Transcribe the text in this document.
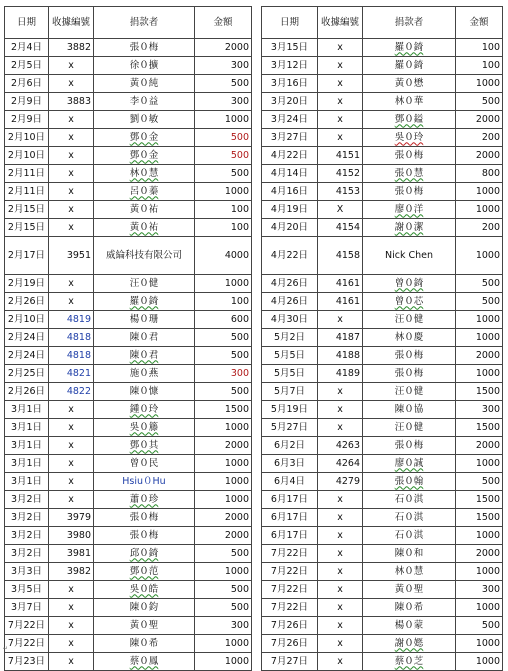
日期	收據編號	捐款者	金額
2月4日	3882	張０梅	2000
2月5日	x	徐０擴	300
2月6日	x	黃０純	500
2月9日	3883	李０益	300
2月9日	x	劉０敏	1000
2月10日	x	鄧０金	500
2月10日	x	鄧０金	500
2月11日	x	林０慧	500
2月11日	x	呂０蓁	1000
2月15日	x	黃０祐	100
2月15日	x	黃０祐	100
2月17日	3951	威綸科技有限公司	4000
2月19日	x	汪０健	1000
2月26日	x	羅０錡	100
2月10日	4819	楊０珊	600
2月24日	4818	陳０君	500
2月24日	4818	陳０君	500
2月25日	4821	施０燕	300
2月26日	4822	陳０慷	500
3月1日	x	鍾０玲	1500
3月1日	x	吳０籐	1000
3月1日	x	鄧０其	2000
3月1日	x	曾０民	1000
3月1日	x	Hsiu０Hu	1000
3月2日	x	蕭０珍	1000
3月2日	3979	張０梅	2000
3月2日	3980	張０梅	2000
3月2日	3981	邱０錡	500
3月3日	3982	鄧０范	1000
3月5日	x	吳０皓	500
3月7日	x	陳０鈞	500
7月22日	x	黃０聖	300
7月22日	x	陳０希	1000
7月23日	x	蔡０鳳	1000
日期	收據編號	捐款者	金額
3月15日	x	羅０錡	100
3月12日	x	羅０錡	100
3月16日	x	黃０懋	1000
3月20日	x	林０華	500
3月24日	x	鄧０鎰	2000
3月27日	x	吳０玲	200
4月22日	4151	張０梅	2000
4月14日	4152	張０慧	800
4月16日	4153	張０梅	1000
4月19日	X	廖０洋	1000
4月20日	4154	謝０潔	200
4月22日	4158	Nick Chen	1000
4月26日	4161	曾０錡	500
4月26日	4161	曾０芯	500
4月30日	x	汪０健	1000
5月2日	4187	林０慶	1000
5月5日	4188	張０梅	2000
5月5日	4189	張０梅	1000
5月7日	x	汪０健	1500
5月19日	x	陳０協	300
5月27日	x	汪０健	1500
6月2日	4263	張０梅	2000
6月3日	4264	廖０誠	1000
6月4日	4279	張０翰	500
6月17日	x	石０淇	1500
6月17日	x	石０淇	1500
6月17日	x	石０淇	1000
7月22日	x	陳０和	2000
7月22日	x	林０慧	1000
7月22日	x	黃０聖	300
7月22日	x	陳０希	1000
7月26日	x	楊０蒙	500
7月26日	x	謝０嫕	1000
7月27日	x	蔡０芝	1000
↵
